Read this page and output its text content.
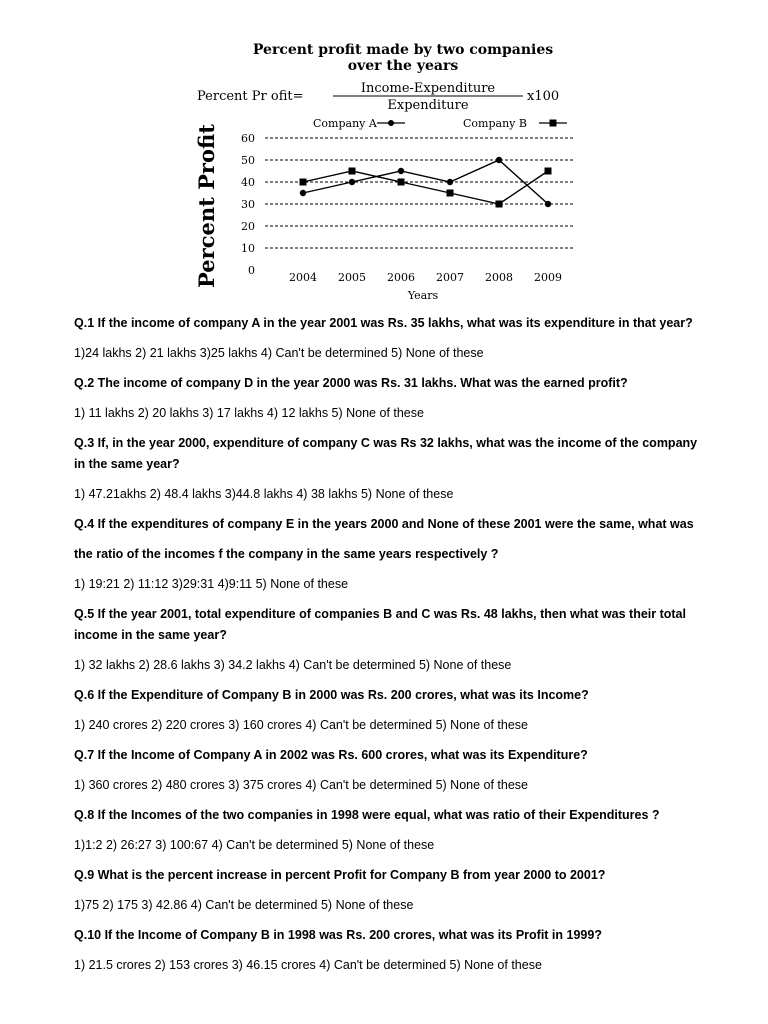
Percent profit made by two companies
over the years
Percent Pr ofit=
Income-Expenditure
Expenditure
x100
Company A	Company B
Percent Profit	0
10
20
30
40
50
60
2004 2005 2006 2007 2008 2009
Years
Q.1 If the income of company A in the year 2001 was Rs. 35 lakhs, what was its expenditure in that year?
1)24 lakhs 2) 21 lakhs 3)25 lakhs 4) Can't be determined 5) None of these
Q.2 The income of company D in the year 2000 was Rs. 31 lakhs. What was the earned profit?
1) 11 lakhs 2) 20 lakhs 3) 17 lakhs 4) 12 lakhs 5) None of these
Q.3 If, in the year 2000, expenditure of company C was Rs 32 lakhs, what was the income of the company in the same year?
1) 47.21akhs 2) 48.4 lakhs 3)44.8 lakhs 4) 38 lakhs 5) None of these
Q.4 If the expenditures of company E in the years 2000 and None of these 2001 were the same, what was
the ratio of the incomes f the company in the same years respectively ?
1) 19:21 2) 11:12 3)29:31 4)9:11 5) None of these
Q.5 If the year 2001, total expenditure of companies B and C was Rs. 48 lakhs, then what was their total income in the same year?
1) 32 lakhs 2) 28.6 lakhs 3) 34.2 lakhs 4) Can't be determined 5) None of these
Q.6 If the Expenditure of Company B in 2000 was Rs. 200 crores, what was its Income?
1) 240 crores 2) 220 crores 3) 160 crores 4) Can't be determined 5) None of these
Q.7 If the Income of Company A in 2002 was Rs. 600 crores, what was its Expenditure?
1) 360 crores 2) 480 crores 3) 375 crores 4) Can't be determined 5) None of these
Q.8 If the Incomes of the two companies in 1998 were equal, what was ratio of their Expenditures ?
1)1:2 2) 26:27 3) 100:67 4) Can't be determined 5) None of these
Q.9 What is the percent increase in percent Profit for Company B from year 2000 to 2001?
1)75 2) 175 3) 42.86 4) Can't be determined 5) None of these
Q.10 If the Income of Company B in 1998 was Rs. 200 crores, what was its Profit in 1999?
1) 21.5 crores 2) 153 crores 3) 46.15 crores 4) Can't be determined 5) None of these
